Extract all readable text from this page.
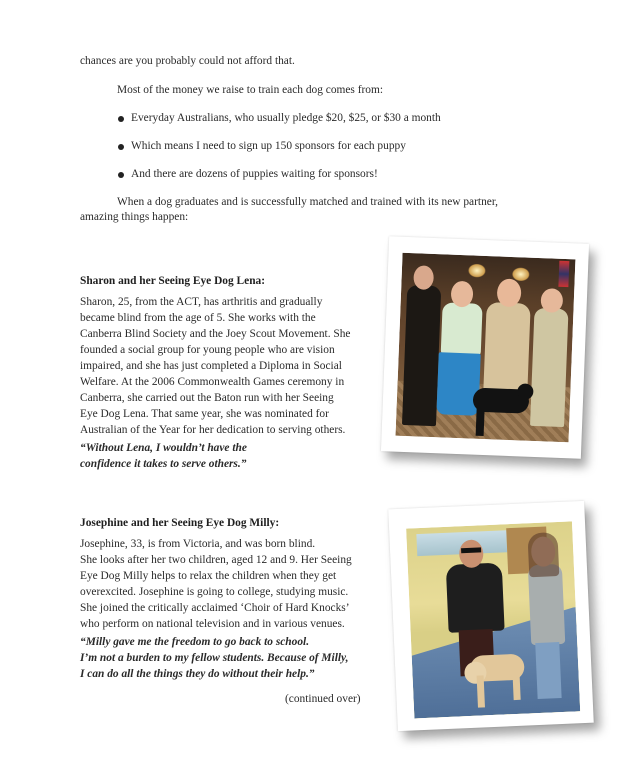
chances are you probably could not afford that.
Most of the money we raise to train each dog comes from:
Everyday Australians, who usually pledge $20, $25, or $30 a month
Which means I need to sign up 150 sponsors for each puppy
And there are dozens of puppies waiting for sponsors!
When a dog graduates and is successfully matched and trained with its new partner,
amazing things happen:
Sharon and her Seeing Eye Dog Lena:
Sharon, 25, from the ACT, has arthritis and gradually
became blind from the age of 5. She works with the
Canberra Blind Society and the Joey Scout Movement. She
founded a social group for young people who are vision
impaired, and she has just completed a Diploma in Social
Welfare. At the 2006 Commonwealth Games ceremony in
Canberra, she carried out the Baton run with her Seeing
Eye Dog Lena. That same year, she was nominated for
Australian of the Year for her dedication to serving others.
“Without Lena, I wouldn’t have the
confidence it takes to serve others.”
Josephine and her Seeing Eye Dog Milly:
Josephine, 33, is from Victoria, and was born blind.
She looks after her two children, aged 12 and 9. Her Seeing
Eye Dog Milly helps to relax the children when they get
overexcited. Josephine is going to college, studying music.
She joined the critically acclaimed ‘Choir of Hard Knocks’
who perform on national television and in various venues.
“Milly gave me the freedom to go back to school.
I’m not a burden to my fellow students. Because of Milly,
I can do all the things they do without their help.”
(continued over)
